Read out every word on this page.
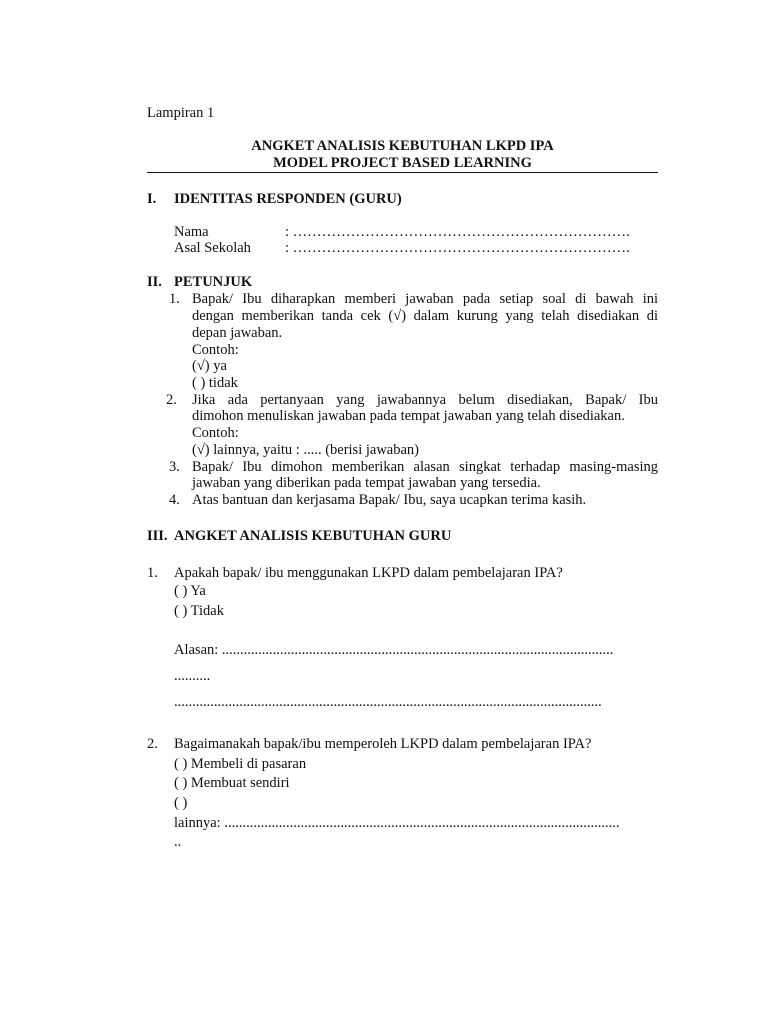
Lampiran 1
ANGKET ANALISIS KEBUTUHAN LKPD IPA
MODEL PROJECT BASED LEARNING
I. IDENTITAS RESPONDEN (GURU)
Nama	: …………………………………………………………….
Asal Sekolah : …………………………………………………………….
II. PETUNJUK
1. Bapak/ Ibu diharapkan memberi jawaban pada setiap soal di bawah ini
dengan memberikan tanda cek (√) dalam kurung yang telah disediakan di
depan jawaban.
Contoh:
(√) ya
( ) tidak
2. Jika ada pertanyaan yang jawabannya belum disediakan, Bapak/ Ibu
dimohon menuliskan jawaban pada tempat jawaban yang telah disediakan.
Contoh:
(√) lainnya, yaitu : ..... (berisi jawaban)
3. Bapak/ Ibu dimohon memberikan alasan singkat terhadap masing-masing
jawaban yang diberikan pada tempat jawaban yang tersedia.
4. Atas bantuan dan kerjasama Bapak/ Ibu, saya ucapkan terima kasih.
III. ANGKET ANALISIS KEBUTUHAN GURU
1. Apakah bapak/ ibu menggunakan LKPD dalam pembelajaran IPA?
( ) Ya
( ) Tidak
Alasan: ............................................................................................................
..........
......................................................................................................................
2. Bagaimanakah bapak/ibu memperoleh LKPD dalam pembelajaran IPA?
( ) Membeli di pasaran
( ) Membuat sendiri
( )
lainnya: .............................................................................................................
..
